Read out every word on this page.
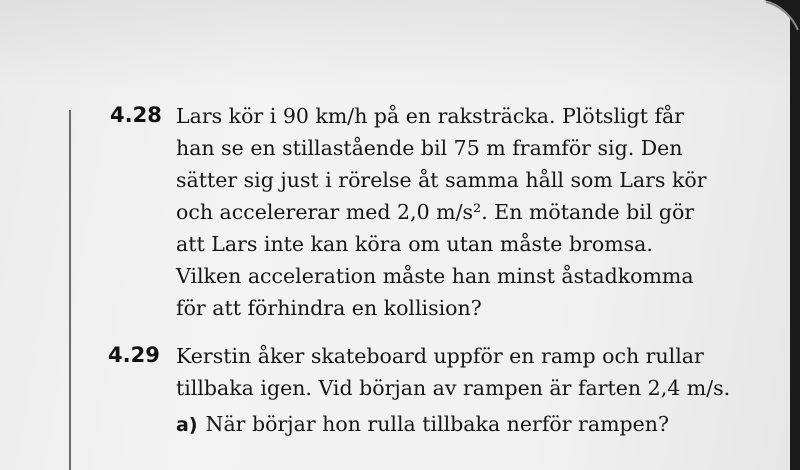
4.28 Lars kör i 90 km/h på en raksträcka. Plötsligt får
han se en stillastående bil 75 m framför sig. Den
sätter sig just i rörelse åt samma håll som Lars kör
och accelererar med 2,0 m/s². En mötande bil gör
att Lars inte kan köra om utan måste bromsa.
Vilken acceleration måste han minst åstadkomma
för att förhindra en kollision?
4.29 Kerstin åker skateboard uppför en ramp och rullar
tillbaka igen. Vid början av rampen är farten 2,4 m/s.
a) När börjar hon rulla tillbaka nerför rampen?
